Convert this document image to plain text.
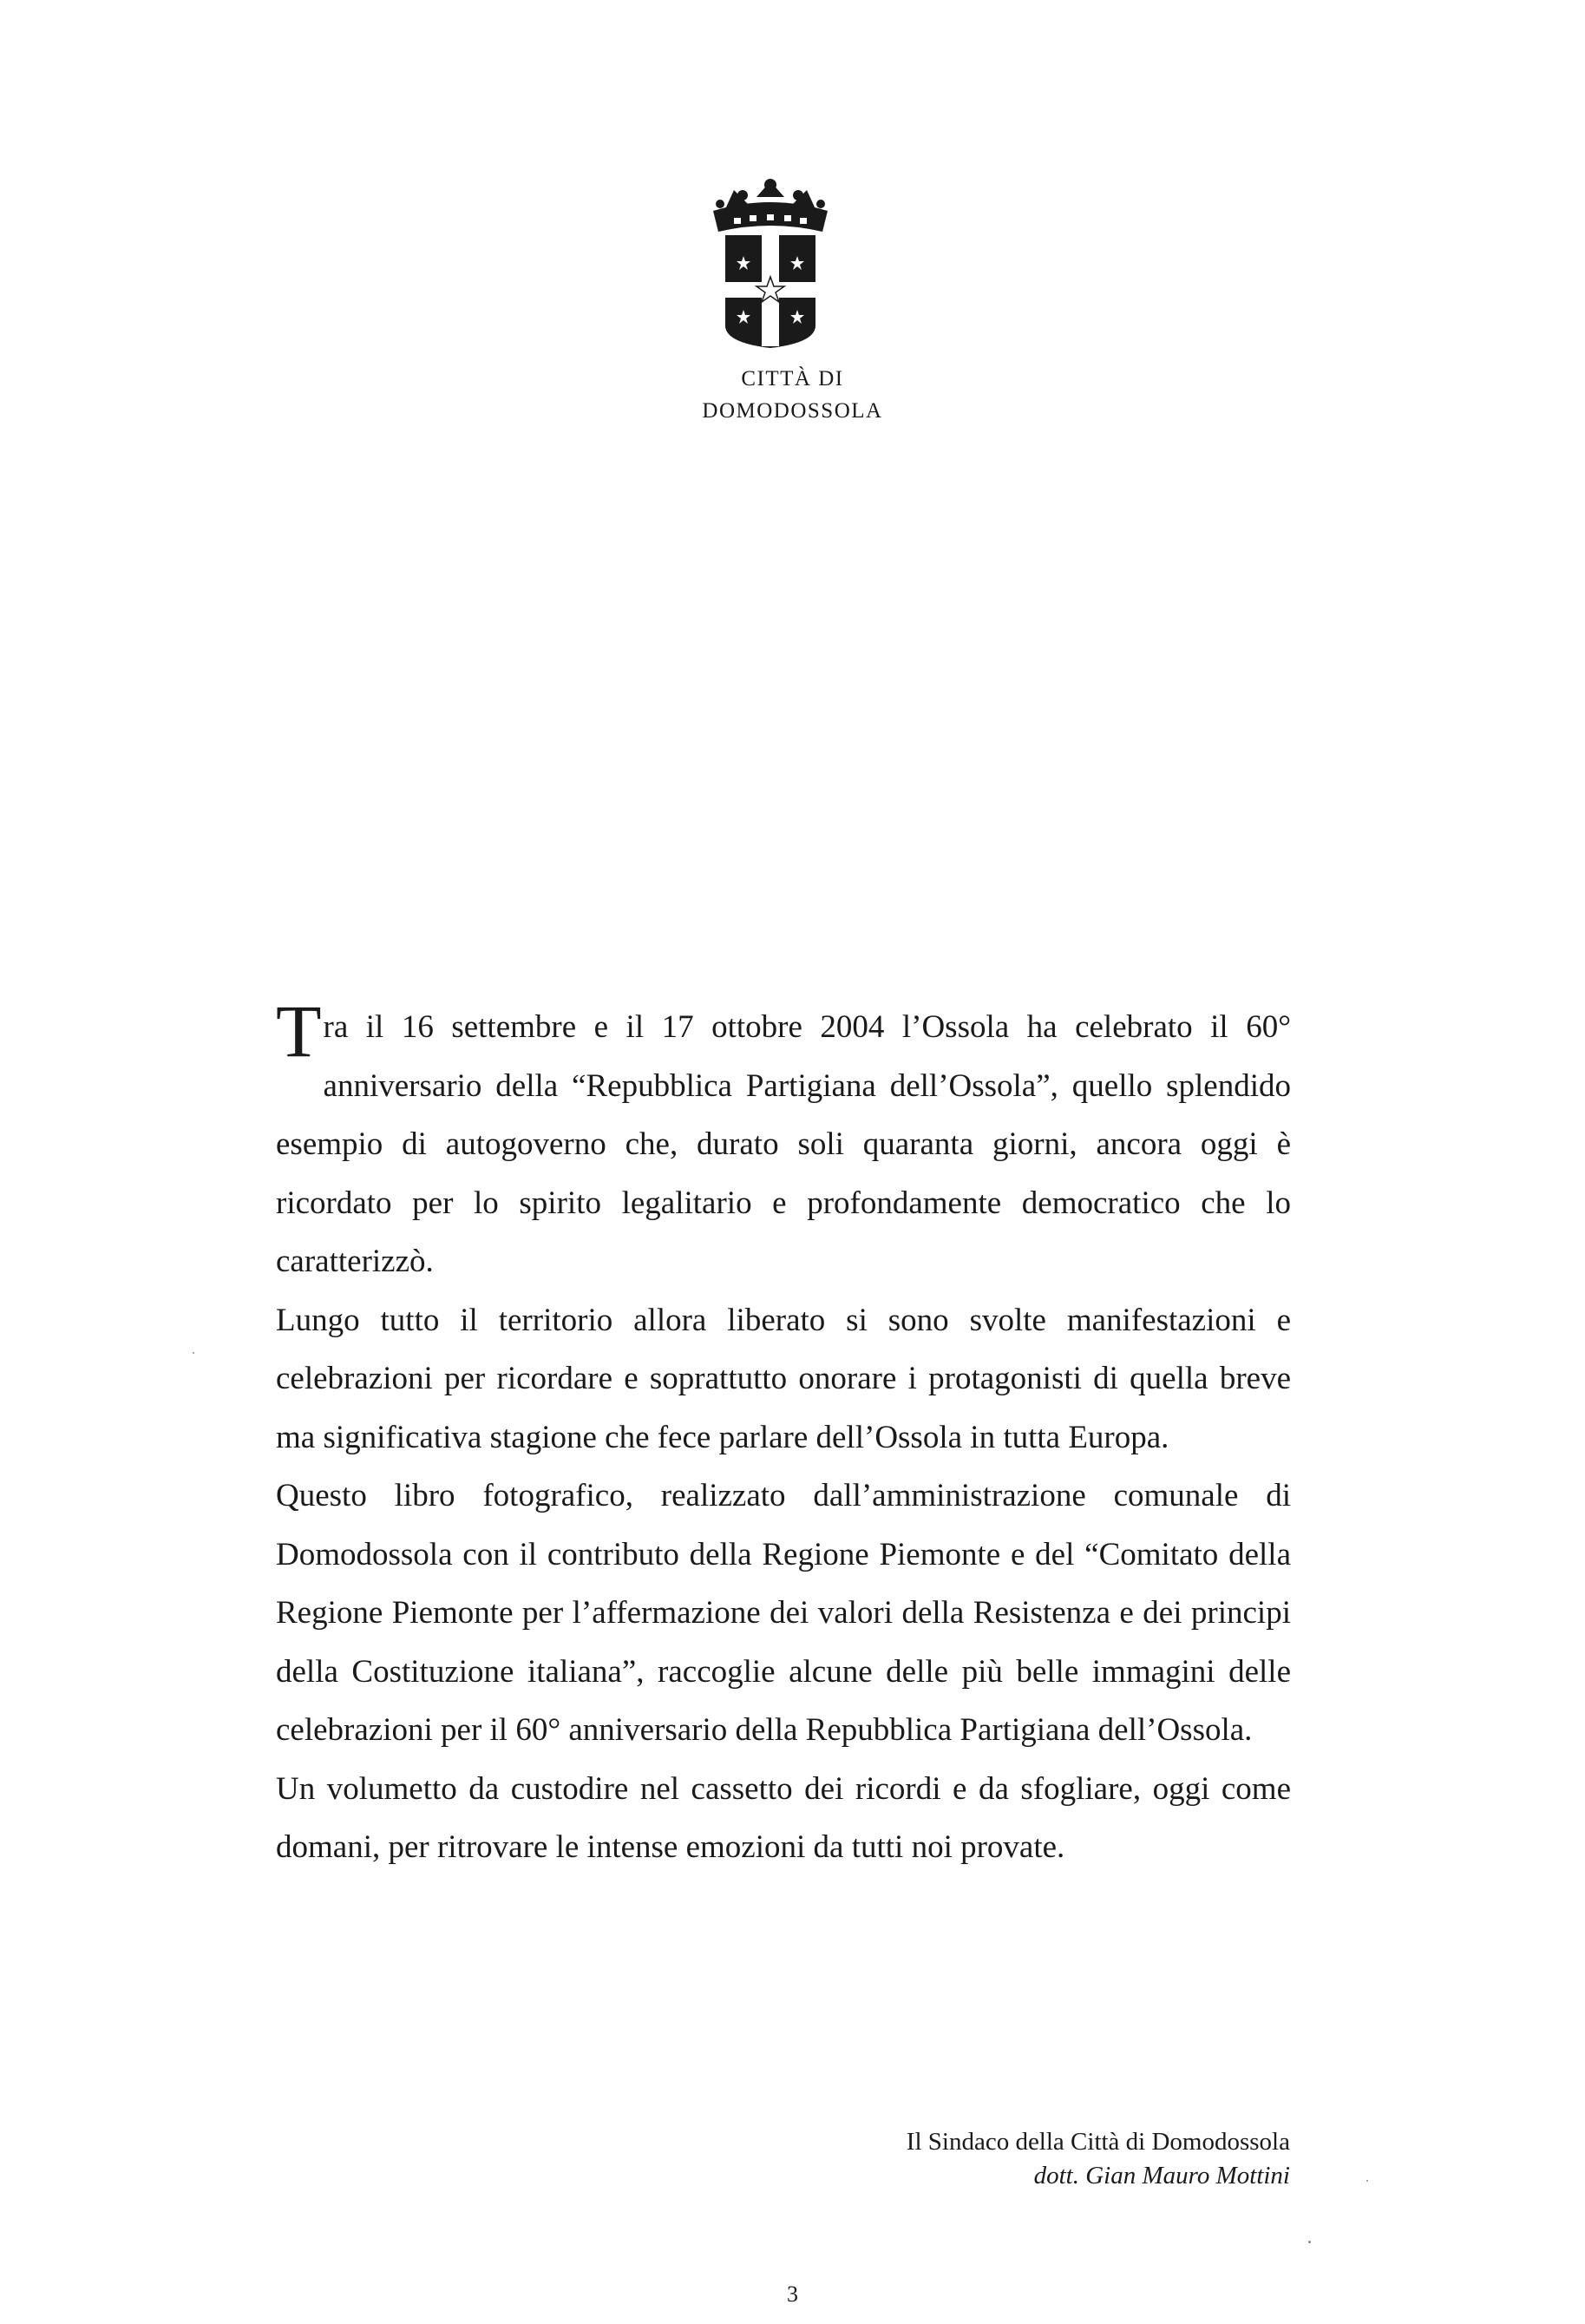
CITTÀ DI
DOMODOSSOLA

Tra il 16 settembre e il 17 ottobre 2004 l’Ossola ha celebrato il 60° anniversario della “Repubblica Partigiana dell’Ossola”, quello splendido esempio di autogoverno che, durato soli quaranta giorni, ancora oggi è ricordato per lo spirito legalitario e profondamente democratico che lo caratterizzò.

Lungo tutto il territorio allora liberato si sono svolte manifestazioni e celebrazioni per ricordare e soprattutto onorare i protagonisti di quella breve ma significativa stagione che fece parlare dell’Ossola in tutta Europa.

Questo libro fotografico, realizzato dall’amministrazione comunale di Domodossola con il contributo della Regione Piemonte e del “Comitato della Regione Piemonte per l’affermazione dei valori della Resistenza e dei principi della Costituzione italiana”, raccoglie alcune delle più belle immagini delle celebrazioni per il 60° anniversario della Repubblica Partigiana dell’Ossola.

Un volumetto da custodire nel cassetto dei ricordi e da sfogliare, oggi come domani, per ritrovare le intense emozioni da tutti noi provate.

Il Sindaco della Città di Domodossola
dott. Gian Mauro Mottini
3
